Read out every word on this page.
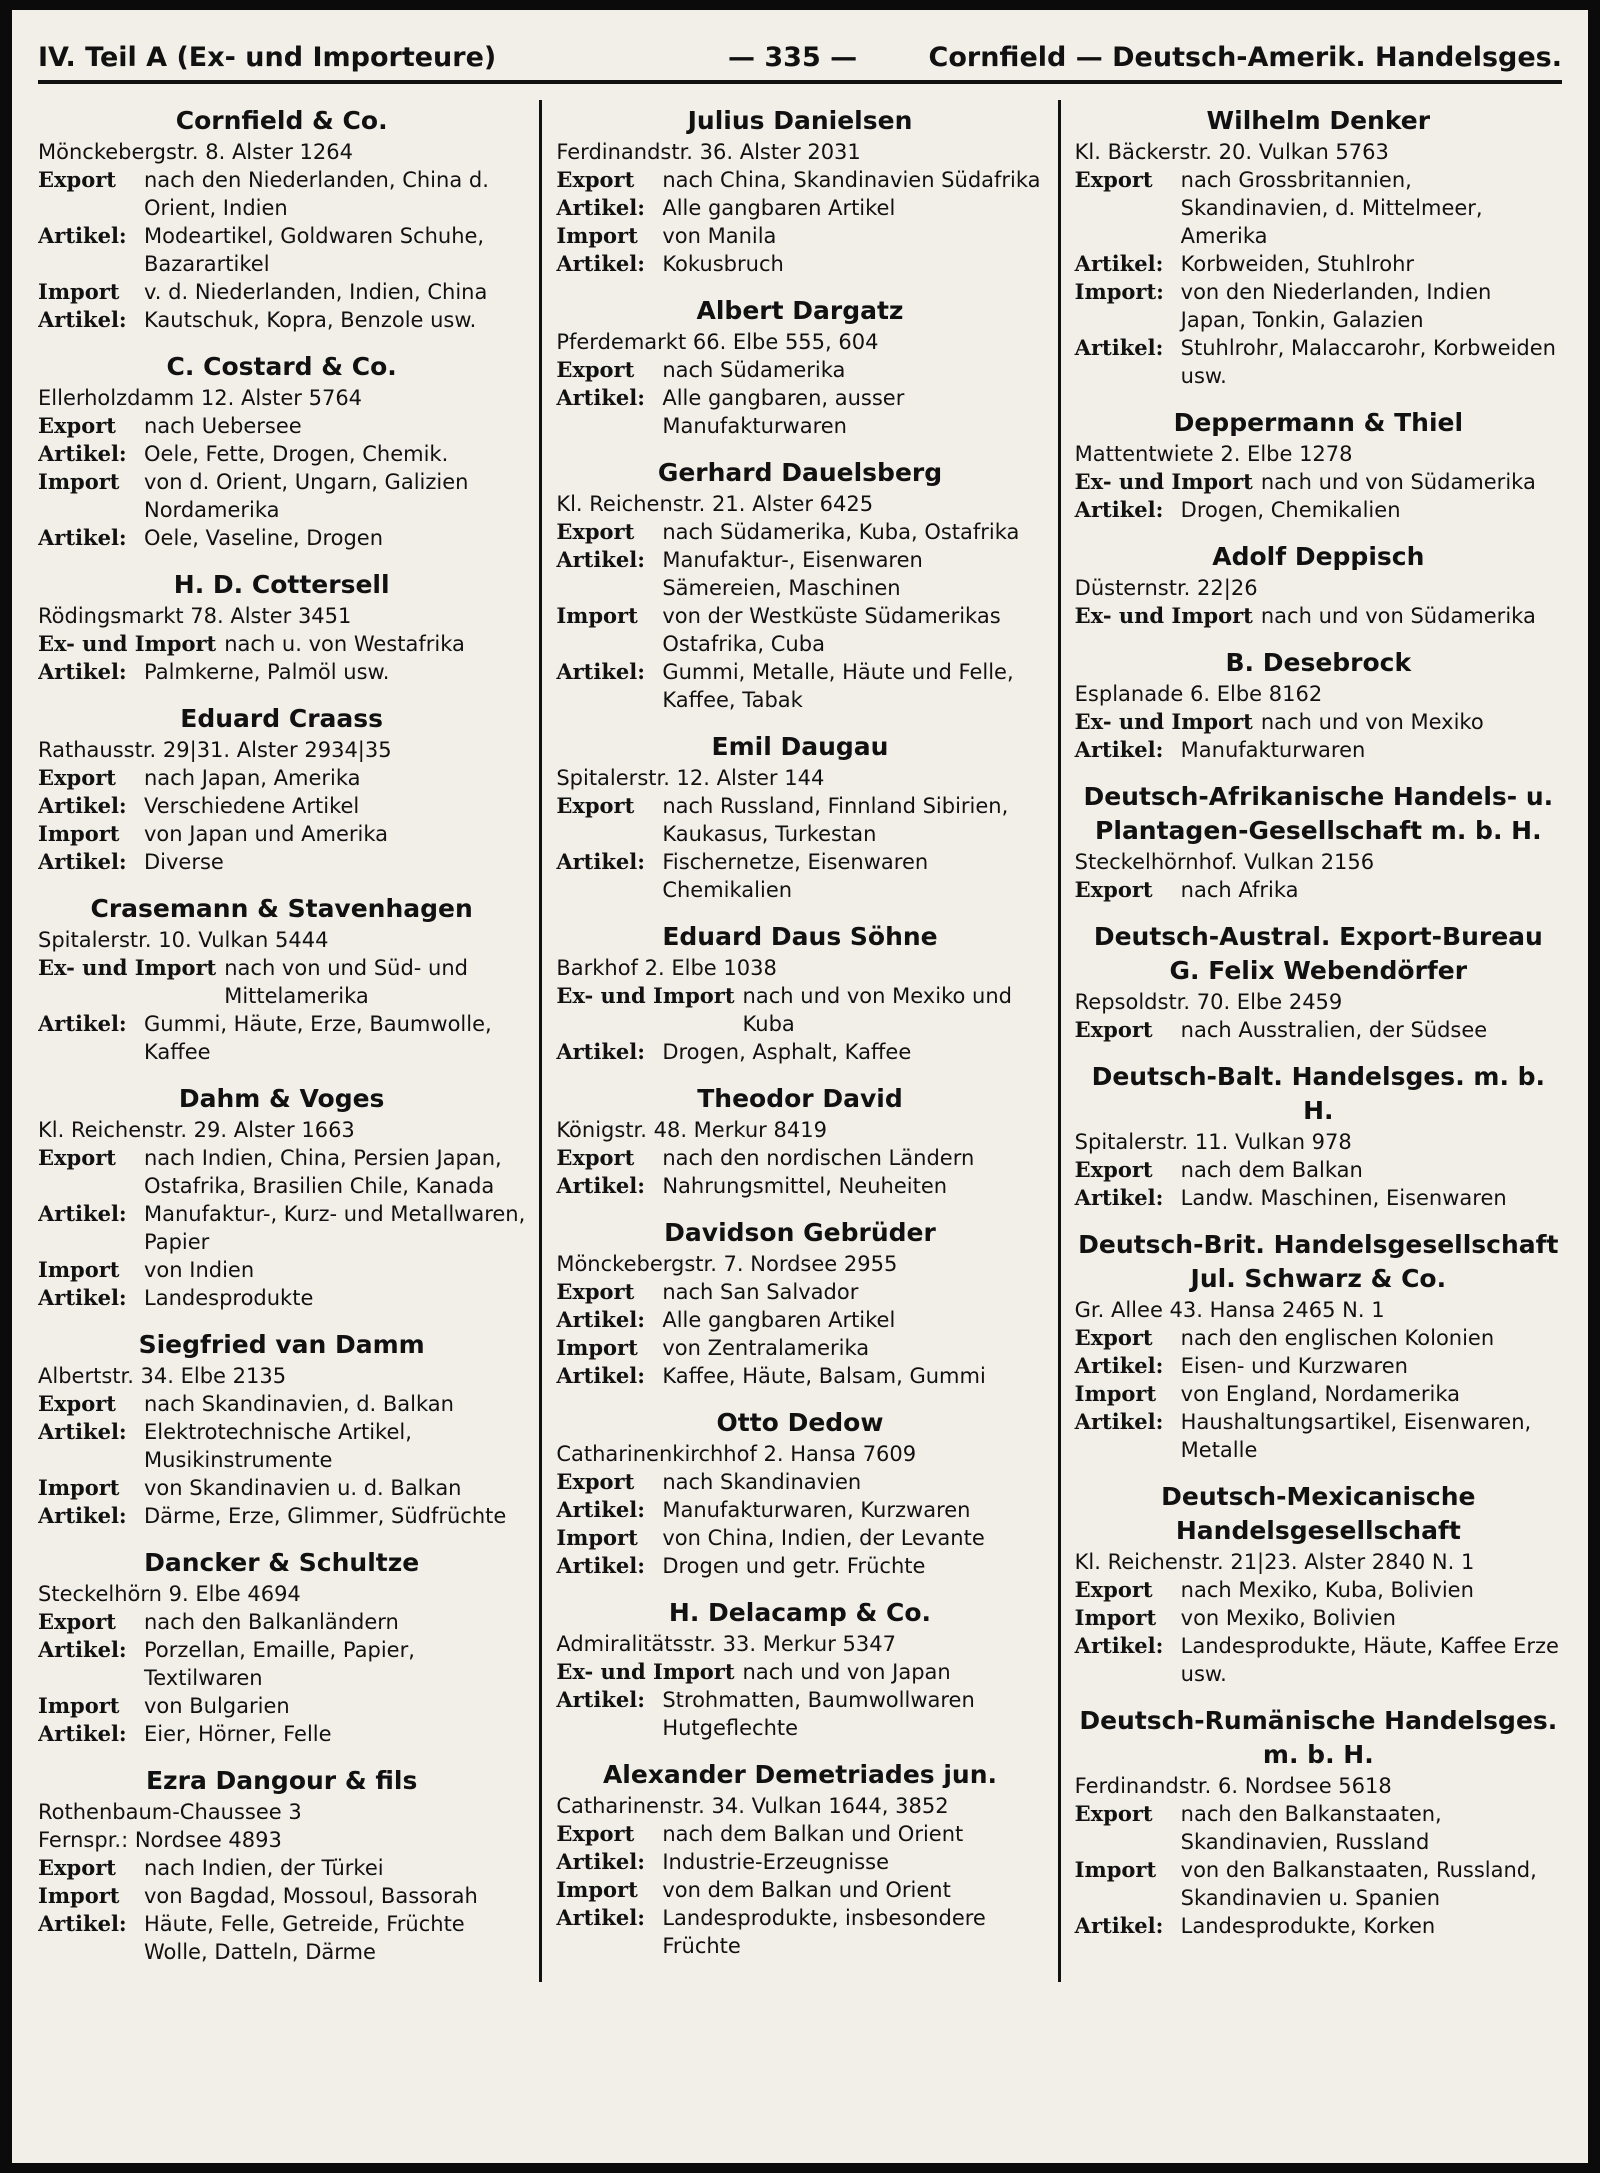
IV. Teil A (Ex- und Importeure)	— 335 —	Cornfield — Deutsch-Amerik. Handelsges.
Cornfield & Co.
Mönckebergstr. 8. Alster 1264
Export	nach den Niederlanden, China d. Orient, Indien
Artikel: Modeartikel, Goldwaren Schuhe, Bazarartikel
Import	v. d. Niederlanden, Indien, China
Artikel: Kautschuk, Kopra, Benzole usw.
C. Costard & Co.
Ellerholzdamm 12. Alster 5764
Export	nach Uebersee
Artikel: Oele, Fette, Drogen, Chemik.
Import	von d. Orient, Ungarn, Galizien Nordamerika
Artikel: Oele, Vaseline, Drogen
H. D. Cottersell
Rödingsmarkt 78. Alster 3451
Ex- und Import nach u. von Westafrika
Artikel: Palmkerne, Palmöl usw.
Eduard Craass
Rathausstr. 29|31. Alster 2934|35
Export	nach Japan, Amerika
Artikel: Verschiedene Artikel
Import	von Japan und Amerika
Artikel: Diverse
Crasemann & Stavenhagen
Spitalerstr. 10. Vulkan 5444
Ex- und Import nach von und Süd- und Mittelamerika
Artikel: Gummi, Häute, Erze, Baumwolle, Kaffee
Dahm & Voges
Kl. Reichenstr. 29. Alster 1663
Export	nach Indien, China, Persien Japan, Ostafrika, Brasilien Chile, Kanada
Artikel: Manufaktur-, Kurz- und Metallwaren, Papier
Import	von Indien
Artikel: Landesprodukte
Siegfried van Damm
Albertstr. 34. Elbe 2135
Export	nach Skandinavien, d. Balkan
Artikel: Elektrotechnische Artikel, Musikinstrumente
Import	von Skandinavien u. d. Balkan
Artikel: Därme, Erze, Glimmer, Südfrüchte
Dancker & Schultze
Steckelhörn 9. Elbe 4694
Export	nach den Balkanländern
Artikel: Porzellan, Emaille, Papier, Textilwaren
Import	von Bulgarien
Artikel: Eier, Hörner, Felle
Ezra Dangour & fils
Rothenbaum-Chaussee 3
Fernspr.: Nordsee 4893
Export	nach Indien, der Türkei
Import	von Bagdad, Mossoul, Bassorah
Artikel: Häute, Felle, Getreide, Früchte Wolle, Datteln, Därme
Julius Danielsen
Ferdinandstr. 36. Alster 2031
Export	nach China, Skandinavien Südafrika
Artikel: Alle gangbaren Artikel
Import	von Manila
Artikel: Kokusbruch
Albert Dargatz
Pferdemarkt 66. Elbe 555, 604
Export	nach Südamerika
Artikel: Alle gangbaren, ausser Manufakturwaren
Gerhard Dauelsberg
Kl. Reichenstr. 21. Alster 6425
Export	nach Südamerika, Kuba, Ostafrika
Artikel: Manufaktur-, Eisenwaren Sämereien, Maschinen
Import	von der Westküste Südamerikas Ostafrika, Cuba
Artikel: Gummi, Metalle, Häute und Felle, Kaffee, Tabak
Emil Daugau
Spitalerstr. 12. Alster 144
Export	nach Russland, Finnland Sibirien, Kaukasus, Turkestan
Artikel: Fischernetze, Eisenwaren Chemikalien
Eduard Daus Söhne
Barkhof 2. Elbe 1038
Ex- und Import nach und von Mexiko und Kuba
Artikel: Drogen, Asphalt, Kaffee
Theodor David
Königstr. 48. Merkur 8419
Export	nach den nordischen Ländern
Artikel: Nahrungsmittel, Neuheiten
Davidson Gebrüder
Mönckebergstr. 7. Nordsee 2955
Export	nach San Salvador
Artikel: Alle gangbaren Artikel
Import	von Zentralamerika
Artikel: Kaffee, Häute, Balsam, Gummi
Otto Dedow
Catharinenkirchhof 2. Hansa 7609
Export	nach Skandinavien
Artikel: Manufakturwaren, Kurzwaren
Import	von China, Indien, der Levante
Artikel: Drogen und getr. Früchte
H. Delacamp & Co.
Admiralitätsstr. 33. Merkur 5347
Ex- und Import nach und von Japan
Artikel: Strohmatten, Baumwollwaren Hutgeflechte
Alexander Demetriades jun.
Catharinenstr. 34. Vulkan 1644, 3852
Export	nach dem Balkan und Orient
Artikel: Industrie-Erzeugnisse
Import	von dem Balkan und Orient
Artikel: Landesprodukte, insbesondere Früchte
Wilhelm Denker
Kl. Bäckerstr. 20. Vulkan 5763
Export	nach Grossbritannien, Skandinavien, d. Mittelmeer, Amerika
Artikel: Korbweiden, Stuhlrohr
Import: von den Niederlanden, Indien Japan, Tonkin, Galazien
Artikel: Stuhlrohr, Malaccarohr, Korbweiden usw.
Deppermann & Thiel
Mattentwiete 2. Elbe 1278
Ex- und Import nach und von Südamerika
Artikel: Drogen, Chemikalien
Adolf Deppisch
Düsternstr. 22|26
Ex- und Import nach und von Südamerika
B. Desebrock
Esplanade 6. Elbe 8162
Ex- und Import nach und von Mexiko
Artikel: Manufakturwaren
Deutsch-Afrikanische Handels- u. Plantagen-Gesellschaft m. b. H.
Steckelhörnhof. Vulkan 2156
Export	nach Afrika
Deutsch-Austral. Export-Bureau G. Felix Webendörfer
Repsoldstr. 70. Elbe 2459
Export	nach Ausstralien, der Südsee
Deutsch-Balt. Handelsges. m. b. H.
Spitalerstr. 11. Vulkan 978
Export	nach dem Balkan
Artikel: Landw. Maschinen, Eisenwaren
Deutsch-Brit. Handelsgesellschaft Jul. Schwarz & Co.
Gr. Allee 43. Hansa 2465 N. 1
Export	nach den englischen Kolonien
Artikel: Eisen- und Kurzwaren
Import	von England, Nordamerika
Artikel: Haushaltungsartikel, Eisenwaren, Metalle
Deutsch-Mexicanische Handelsgesellschaft
Kl. Reichenstr. 21|23. Alster 2840 N. 1
Export	nach Mexiko, Kuba, Bolivien
Import	von Mexiko, Bolivien
Artikel: Landesprodukte, Häute, Kaffee Erze usw.
Deutsch-Rumänische Handelsges. m. b. H.
Ferdinandstr. 6. Nordsee 5618
Export	nach den Balkanstaaten, Skandinavien, Russland
Import	von den Balkanstaaten, Russland, Skandinavien u. Spanien
Artikel: Landesprodukte, Korken
